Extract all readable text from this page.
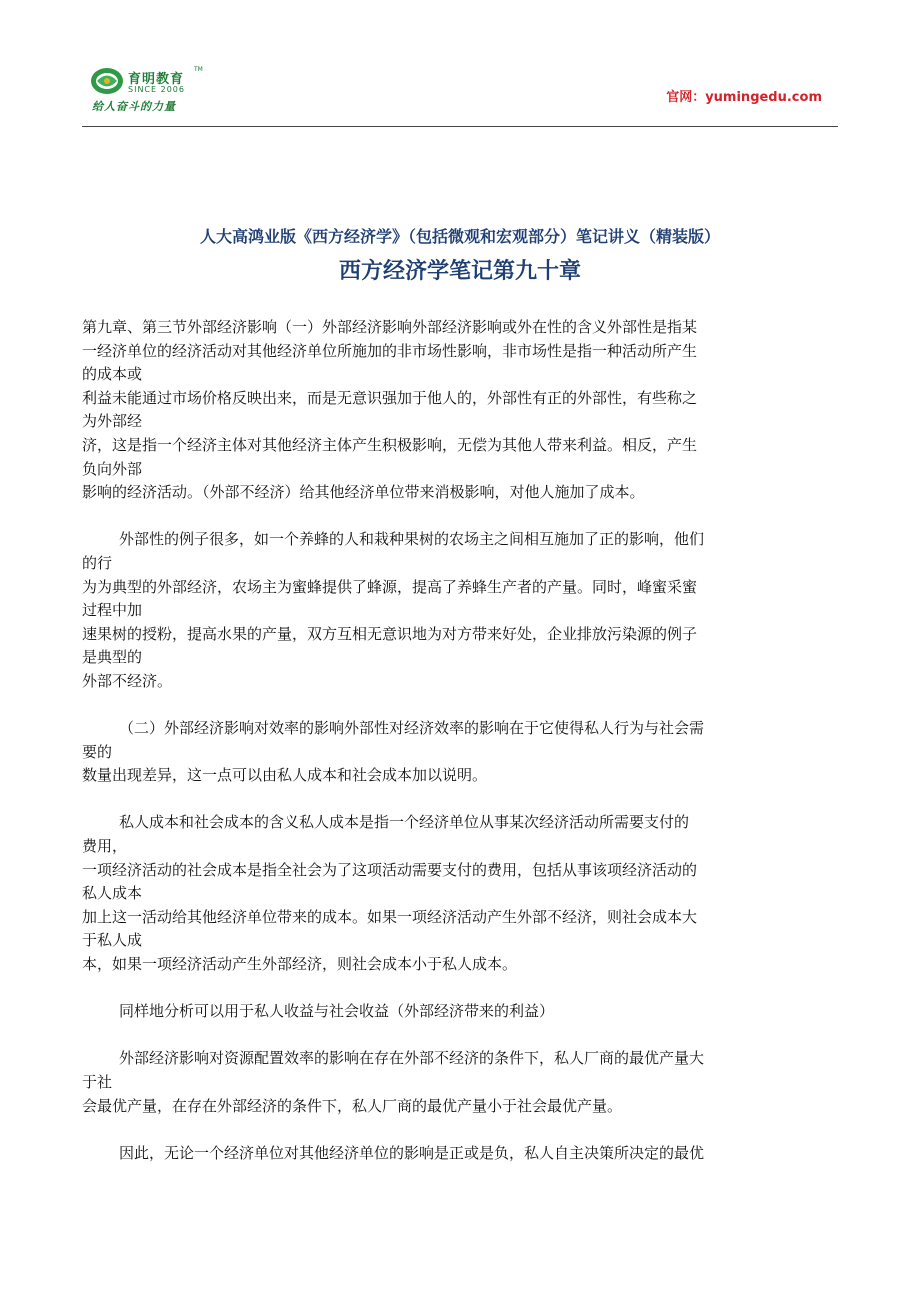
育明教育
TM
SINCE 2006
给人奋斗的力量
官网：yumingedu.com
人大高鸿业版《西方经济学》（包括微观和宏观部分）笔记讲义（精装版）
西方经济学笔记第九十章
第九章、第三节外部经济影响（一）外部经济影响外部经济影响或外在性的含义外部性是指某
一经济单位的经济活动对其他经济单位所施加的非市场性影响，非市场性是指一种活动所产生
的成本或
利益未能通过市场价格反映出来，而是无意识强加于他人的，外部性有正的外部性，有些称之
为外部经
济，这是指一个经济主体对其他经济主体产生积极影响，无偿为其他人带来利益。相反，产生
负向外部
影响的经济活动。（外部不经济）给其他经济单位带来消极影响，对他人施加了成本。
外部性的例子很多，如一个养蜂的人和栽种果树的农场主之间相互施加了正的影响，他们
的行
为为典型的外部经济，农场主为蜜蜂提供了蜂源，提高了养蜂生产者的产量。同时，峰蜜采蜜
过程中加
速果树的授粉，提高水果的产量，双方互相无意识地为对方带来好处，企业排放污染源的例子
是典型的
外部不经济。
（二）外部经济影响对效率的影响外部性对经济效率的影响在于它使得私人行为与社会需
要的
数量出现差异，这一点可以由私人成本和社会成本加以说明。
私人成本和社会成本的含义私人成本是指一个经济单位从事某次经济活动所需要支付的
费用，
一项经济活动的社会成本是指全社会为了这项活动需要支付的费用，包括从事该项经济活动的
私人成本
加上这一活动给其他经济单位带来的成本。如果一项经济活动产生外部不经济，则社会成本大
于私人成
本，如果一项经济活动产生外部经济，则社会成本小于私人成本。
同样地分析可以用于私人收益与社会收益（外部经济带来的利益）
外部经济影响对资源配置效率的影响在存在外部不经济的条件下，私人厂商的最优产量大
于社
会最优产量，在存在外部经济的条件下，私人厂商的最优产量小于社会最优产量。
因此，无论一个经济单位对其他经济单位的影响是正或是负，私人自主决策所决定的最优
